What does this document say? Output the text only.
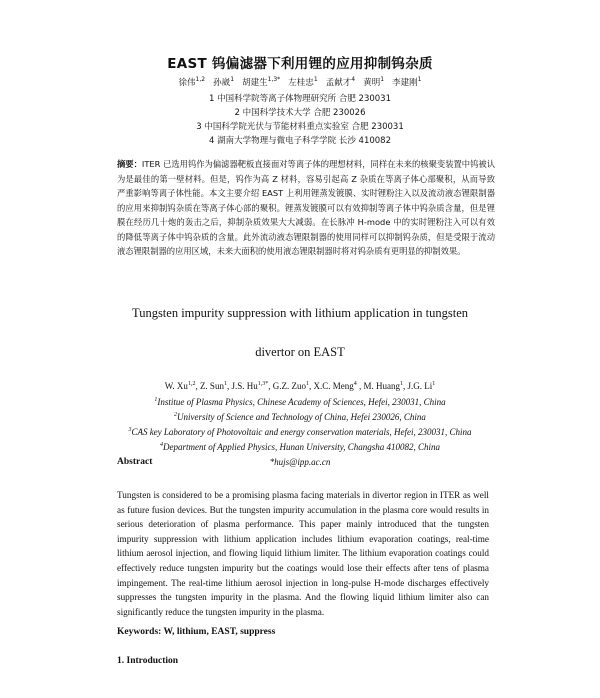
EAST 钨偏滤器下利用锂的应用抑制钨杂质
徐伟$^{1,2}$ 孙崴$^1$ 胡建生$^{1,3*}$ 左桂忠$^1$ 孟献才$^4$ 黄明$^1$ 李建刚$^1$
1 中国科学院等离子体物理研究所 合肥 230031
2 中国科学技术大学 合肥 230026
3 中国科学院光伏与节能材料重点实验室 合肥 230031
4 湖南大学物理与微电子科学学院 长沙 410082
摘要：ITER 已选用钨作为偏滤器靶板直接面对等离子体的理想材料，同样在未来的核聚变装置中钨被认为是最佳的第一壁材料。但是，钨作为高 Z 材料，容易引起高 Z 杂质在等离子体心部聚积，从而导致严重影响等离子体性能。本文主要介绍 EAST 上利用锂蒸发镀膜、实时锂粉注入以及流动液态锂限制器的应用来抑制钨杂质在等离子体心部的聚积。锂蒸发镀膜可以有效抑制等离子体中钨杂质含量，但是锂膜在经历几十炮的轰击之后，抑制杂质效果大大减弱。在长脉冲 H-mode 中的实时锂粉注入可以有效的降低等离子体中钨杂质的含量。此外流动液态锂限制器的使用同样可以抑制钨杂质，但是受限于流动液态锂限制器的应用区域，未来大面积的使用液态锂限制器时将对钨杂质有更明显的抑制效果。
Tungsten impurity suppression with lithium application in tungsten
divertor on EAST
W. Xu$^{1,2}$, Z. Sun$^1$, J.S. $Hu^{1,3*}$, G.Z. Zuo$^1$, X.C. Meng$^4$ , M. Huang$^1$, J.G. Li$^1$
$^1$Institue of Plasma Physics, Chinese Academy of Sciences, Hefei, 230031, China
$^2$University of Science and Technology of China, Hefei 230026, China
$^3$CAS key Laboratory of Photovoltaic and energy conservation materials, Hefei, 230031, China
$^4$Department of Applied Physics, Hunan University, Changsha 410082, China
*hujs@ipp.ac.cn
Abstract
Tungsten is considered to be a promising plasma facing materials in divertor region in ITER as well as future fusion devices. But the tungsten impurity accumulation in the plasma core would results in serious deterioration of plasma performance. This paper mainly introduced that the tungsten impurity suppression with lithium application includes lithium evaporation coatings, real-time lithium aerosol injection, and flowing liquid lithium limiter. The lithium evaporation coatings could effectively reduce tungsten impurity but the coatings would lose their effects after tens of plasma impingement. The real-time lithium aerosol injection in long-pulse H-mode discharges effectively suppresses the tungsten impurity in the plasma. And the flowing liquid lithium limiter also can significantly reduce the tungsten impurity in the plasma.
Keywords: W, lithium, EAST, suppress
1. Introduction
